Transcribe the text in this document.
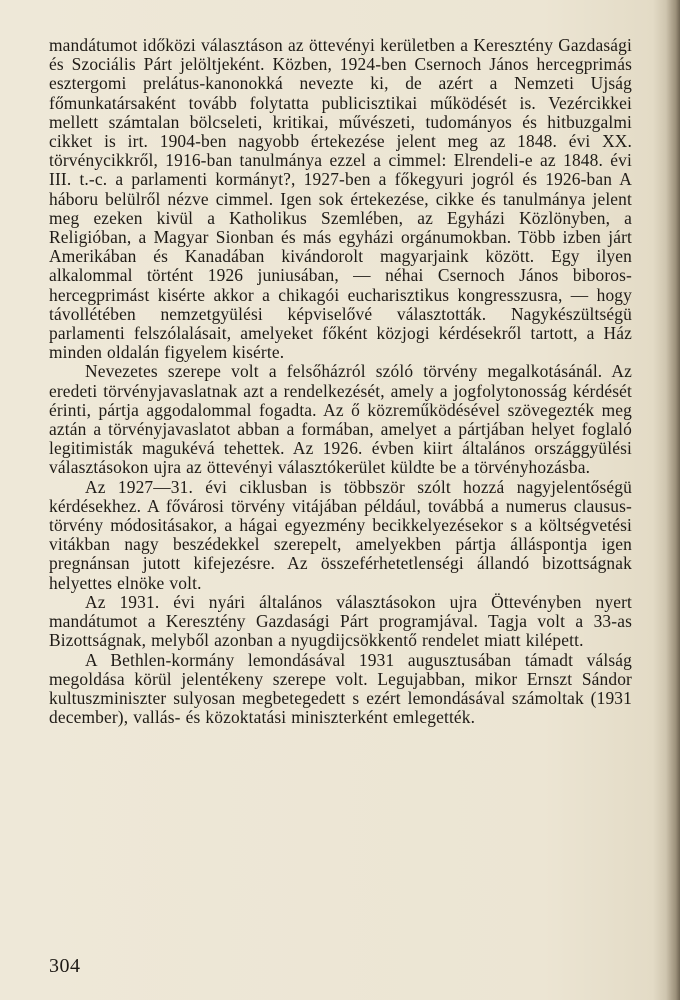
mandátumot időközi választáson az öttevényi kerületben a Keresztény Gazdasági és Szociális Párt jelöltjeként. Közben, 1924-ben Csernoch János hercegprimás esztergomi prelátus-kanonokká nevezte ki, de azért a Nemzeti Ujság főmunkatársaként tovább folytatta publicisztikai működését is. Vezércikkei mellett számtalan bölcseleti, kritikai, művészeti, tudományos és hitbuzgalmi cikket is irt. 1904-ben nagyobb értekezése jelent meg az 1848. évi XX. törvénycikkről, 1916-ban tanulmánya ezzel a cimmel: Elrendeli-e az 1848. évi III. t.-c. a parlamenti kormányt?, 1927-ben a főkegyuri jogról és 1926-ban A háboru belülről nézve cimmel. Igen sok értekezése, cikke és tanulmánya jelent meg ezeken kivül a Katholikus Szemlében, az Egyházi Közlönyben, a Religióban, a Magyar Sionban és más egyházi orgánumokban. Több izben járt Amerikában és Kanadában kivándorolt magyarjaink között. Egy ilyen alkalommal történt 1926 juniusában, — néhai Csernoch János biboros-hercegprimást kisérte akkor a chikagói eucharisztikus kongresszusra, — hogy távollétében nemzetgyülési képviselővé választották. Nagykészültségü parlamenti felszólalásait, amelyeket főként közjogi kérdésekről tartott, a Ház minden oldalán figyelem kisérte.

Nevezetes szerepe volt a felsőházról szóló törvény megalkotásánál. Az eredeti törvényjavaslatnak azt a rendelkezését, amely a jogfolytonosság kérdését érinti, pártja aggodalommal fogadta. Az ő közreműködésével szövegezték meg aztán a törvényjavaslatot abban a formában, amelyet a pártjában helyet foglaló legitimisták magukévá tehettek. Az 1926. évben kiirt általános országgyülési választásokon ujra az öttevényi választókerület küldte be a törvényhozásba.

Az 1927—31. évi ciklusban is többször szólt hozzá nagyjelentőségü kérdésekhez. A fővárosi törvény vitájában például, továbbá a numerus clausus-törvény módositásakor, a hágai egyezmény becikkelyezésekor s a költségvetési vitákban nagy beszédekkel szerepelt, amelyekben pártja álláspontja igen pregnánsan jutott kifejezésre. Az összeférhetetlenségi állandó bizottságnak helyettes elnöke volt.

Az 1931. évi nyári általános választásokon ujra Öttevényben nyert mandátumot a Keresztény Gazdasági Párt programjával. Tagja volt a 33-as Bizottságnak, melyből azonban a nyugdijcsökkentő rendelet miatt kilépett.

A Bethlen-kormány lemondásával 1931 augusztusában támadt válság megoldása körül jelentékeny szerepe volt. Legujabban, mikor Ernszt Sándor kultuszminiszter sulyosan megbetegedett s ezért lemondásával számoltak (1931 december), vallás- és közoktatási miniszterként emlegették.

304
